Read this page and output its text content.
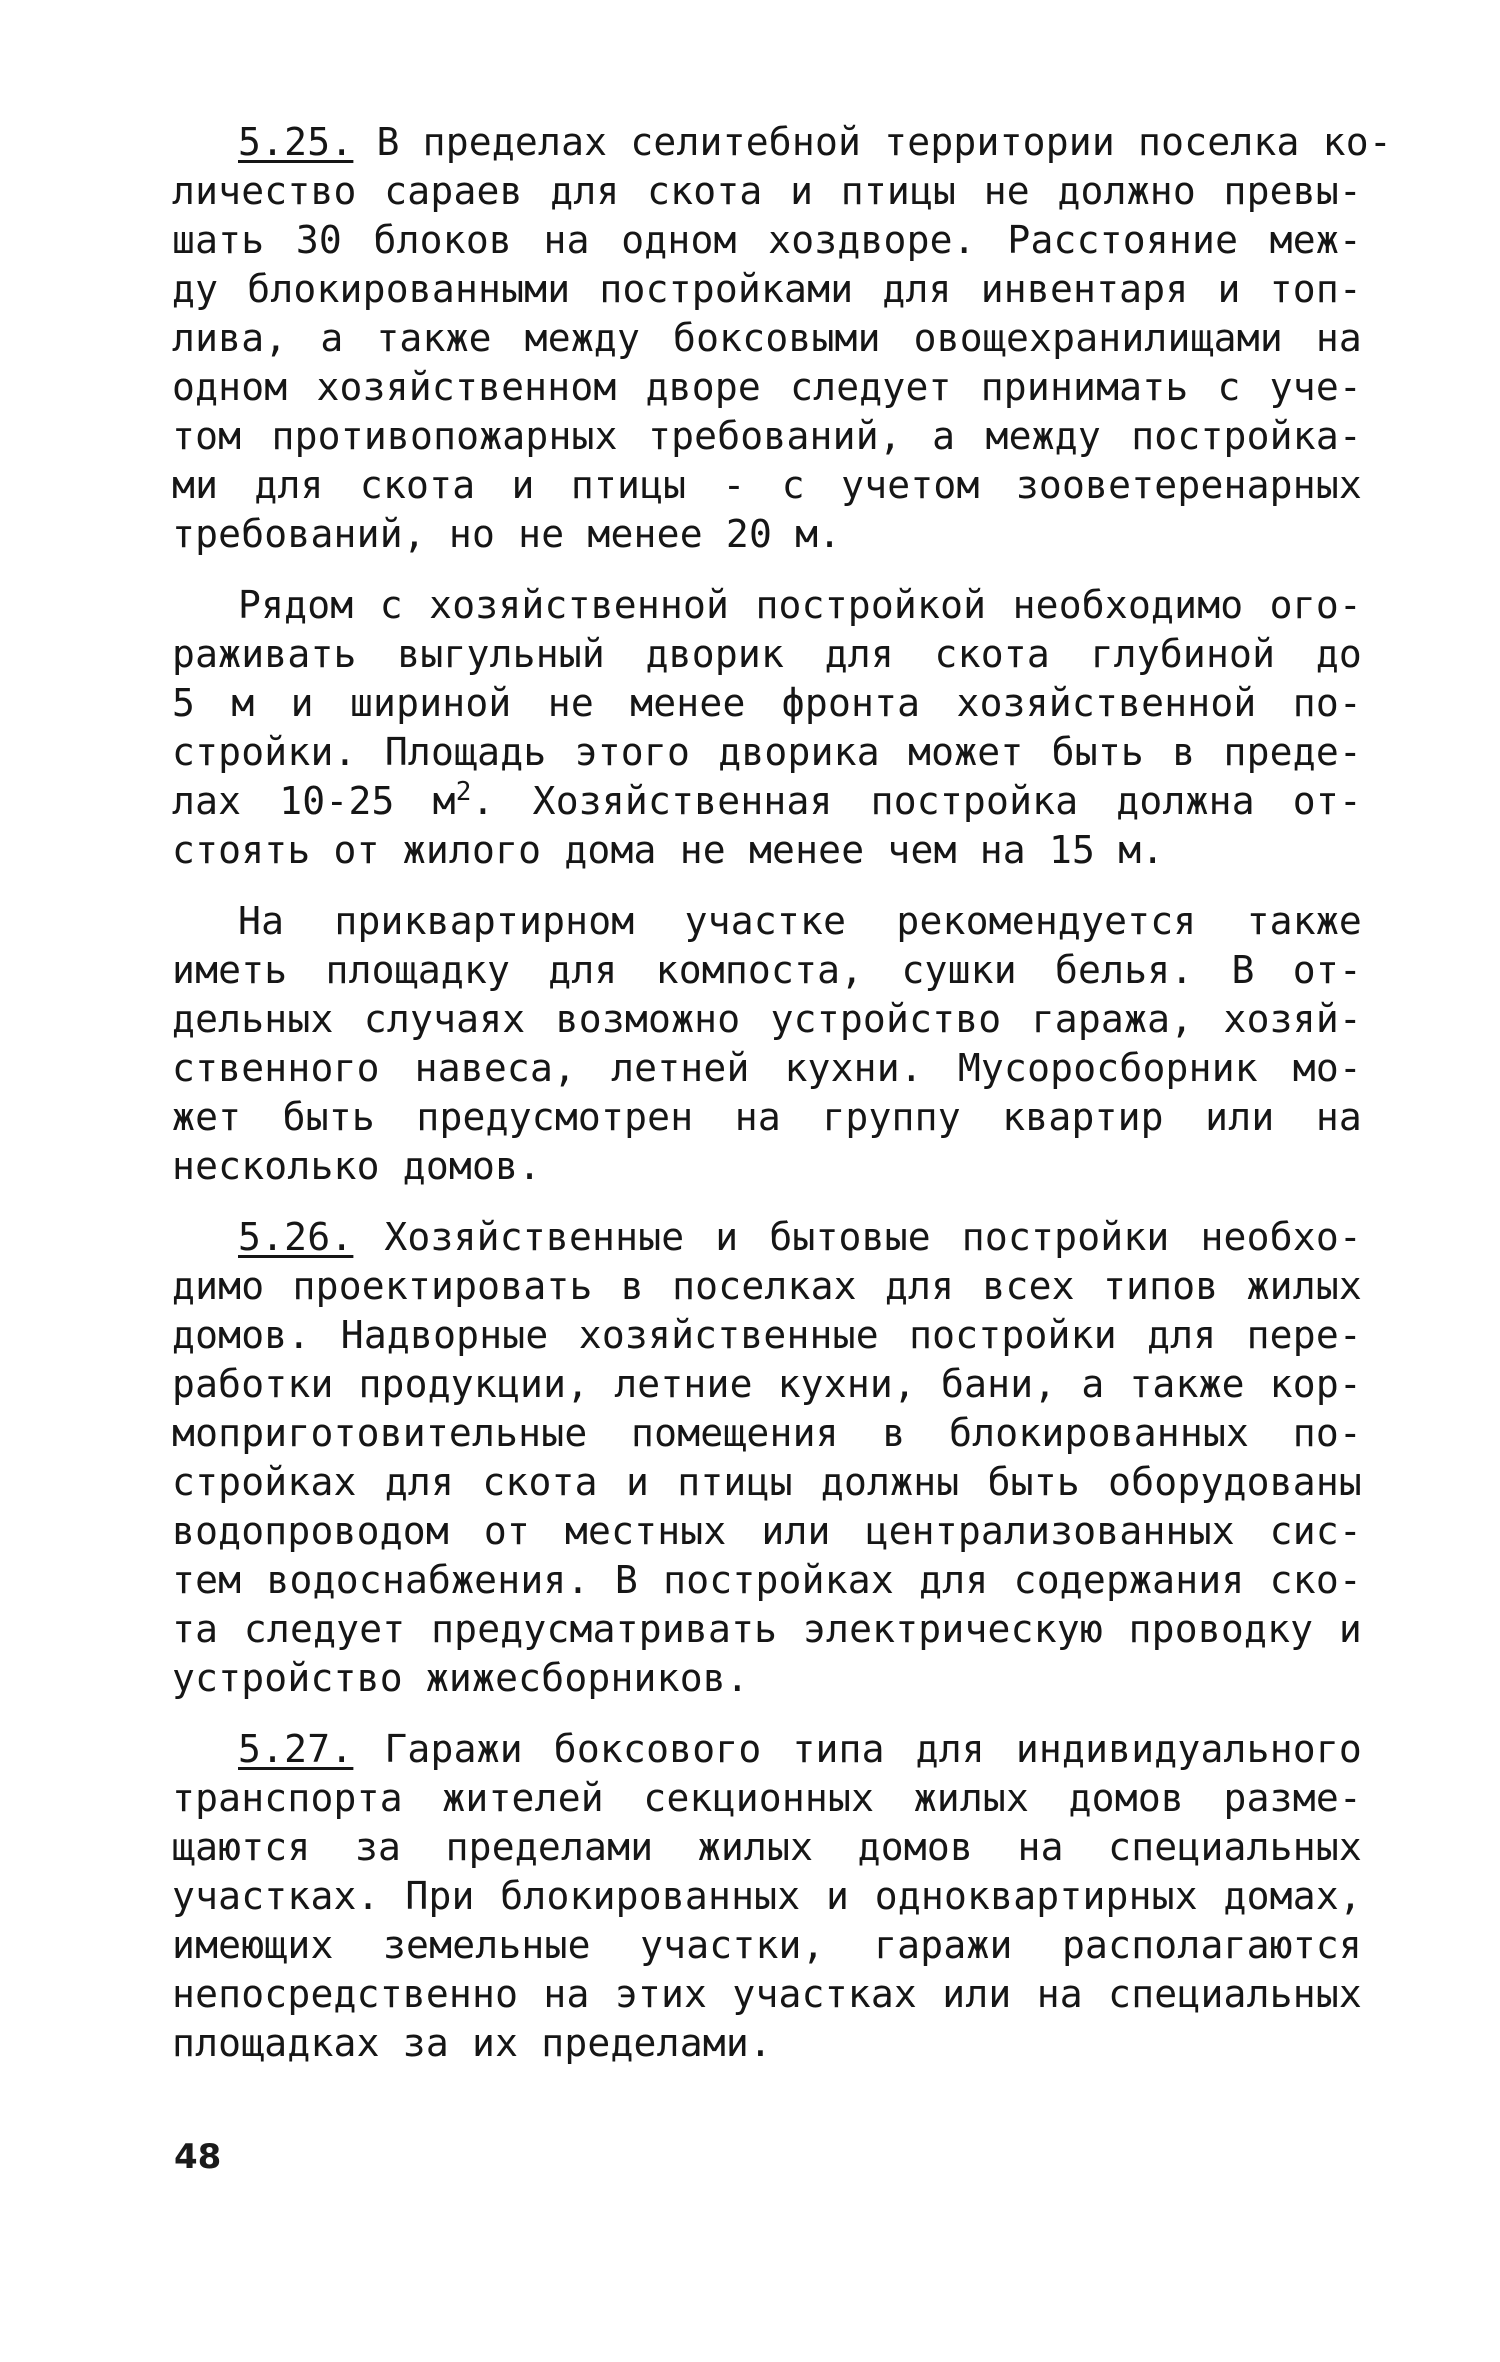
5.25. В пределах селитебной территории поселка ко-
личество сараев для скота и птицы не должно превы-
шать 30 блоков на одном хоздворе. Расстояние меж-
ду блокированными постройками для инвентаря и топ-
лива, а также между боксовыми овощехранилищами на
одном хозяйственном дворе следует принимать с уче-
том противопожарных требований, а между постройка-
ми для скота и птицы - с учетом зооветеренарных
требований, но не менее 20 м.
Рядом с хозяйственной постройкой необходимо ого-
раживать выгульный дворик для скота глубиной до
5 м и шириной не менее фронта хозяйственной по-
стройки. Площадь этого дворика может быть в преде-
лах 10-25 $м^2$. Хозяйственная постройка должна от-
стоять от жилого дома не менее чем на 15 м.
На приквартирном участке рекомендуется также
иметь площадку для компоста, сушки белья. В от-
дельных случаях возможно устройство гаража, хозяй-
ственного навеса, летней кухни. Мусоросборник мо-
жет быть предусмотрен на группу квартир или на
несколько домов.
5.26. Хозяйственные и бытовые постройки необхо-
димо проектировать в поселках для всех типов жилых
домов. Надворные хозяйственные постройки для пере-
работки продукции, летние кухни, бани, а также кор-
моприготовительные помещения в блокированных по-
стройках для скота и птицы должны быть оборудованы
водопроводом от местных или централизованных сис-
тем водоснабжения. В постройках для содержания ско-
та следует предусматривать электрическую проводку и
устройство жижесборников.
5.27. Гаражи боксового типа для индивидуального
транспорта жителей секционных жилых домов разме-
щаются за пределами жилых домов на специальных
участках. При блокированных и одноквартирных домах,
имеющих земельные участки, гаражи располагаются
непосредственно на этих участках или на специальных
площадках за их пределами.
48
